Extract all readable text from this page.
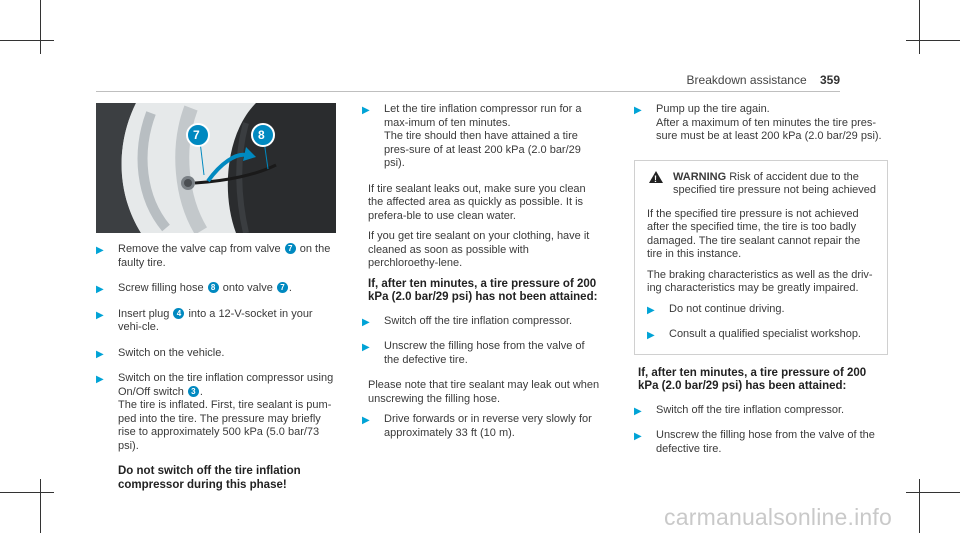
Breakdown assistance 359
7	8
▶ Remove the valve cap from valve 7 on the faulty tire.
▶ Screw filling hose 8 onto valve 7 .
▶ Insert plug 4 into a 12-V-socket in your vehi-cle.
▶ Switch on the vehicle.
▶ Switch on the tire inflation compressor using On/Off switch 3 .
The tire is inflated. First, tire sealant is pum-ped into the tire. The pressure may briefly rise to approximately 500 kPa (5.0 bar/73 psi).
Do not switch off the tire inflation compressor during this phase!
▶ Let the tire inflation compressor run for a max-imum of ten minutes.
The tire should then have attained a tire pres-sure of at least 200 kPa (2.0 bar/29 psi).

If tire sealant leaks out, make sure you clean the affected area as quickly as possible. It is prefera-ble to use clean water.

If you get tire sealant on your clothing, have it cleaned as soon as possible with perchloroethy-lene.

If, after ten minutes, a tire pressure of 200 kPa (2.0 bar/29 psi) has not been attained:
▶ Switch off the tire inflation compressor.
▶ Unscrew the filling hose from the valve of the defective tire.

Please note that tire sealant may leak out when unscrewing the filling hose.

▶ Drive forwards or in reverse very slowly for approximately 33 ft (10 m).
▶ Pump up the tire again.
After a maximum of ten minutes the tire pres-sure must be at least 200 kPa (2.0 bar/29 psi).
! WARNING Risk of accident due to the specified tire pressure not being achieved

If the specified tire pressure is not achieved after the specified time, the tire is too badly damaged. The tire sealant cannot repair the tire in this instance.

The braking characteristics as well as the driv-ing characteristics may be greatly impaired.

▶ Do not continue driving.
▶ Consult a qualified specialist workshop.
If, after ten minutes, a tire pressure of 200 kPa (2.0 bar/29 psi) has been attained:
▶ Switch off the tire inflation compressor.
▶ Unscrew the filling hose from the valve of the defective tire.
carmanualsonline.info
